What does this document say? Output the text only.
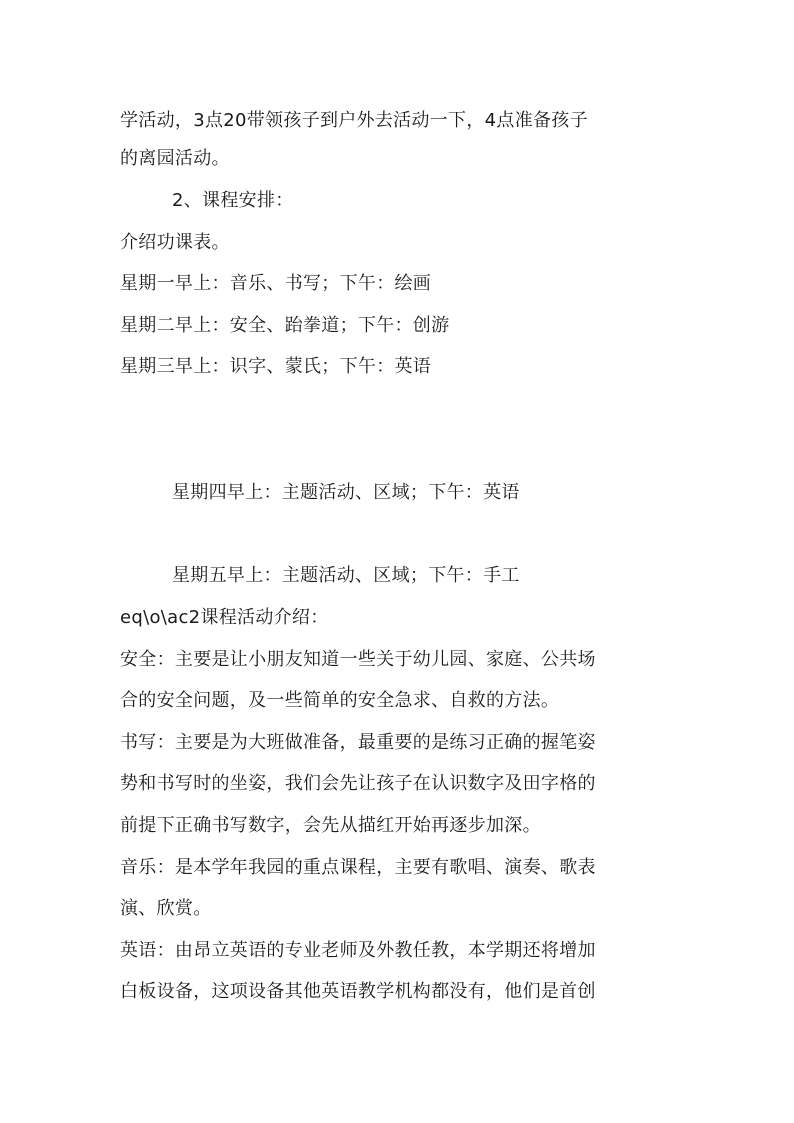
学活动，3点20带领孩子到户外去活动一下，4点准备孩子
的离园活动。
2、课程安排：
介绍功课表。
星期一早上：音乐、书写；下午：绘画
星期二早上：安全、跆拳道；下午：创游
星期三早上：识字、蒙氏；下午：英语
星期四早上：主题活动、区域；下午：英语
星期五早上：主题活动、区域；下午：手工
eq\o\ac2课程活动介绍：
安全：主要是让小朋友知道一些关于幼儿园、家庭、公共场
合的安全问题，及一些简单的安全急求、自救的方法。
书写：主要是为大班做准备，最重要的是练习正确的握笔姿
势和书写时的坐姿，我们会先让孩子在认识数字及田字格的
前提下正确书写数字，会先从描红开始再逐步加深。
音乐：是本学年我园的重点课程，主要有歌唱、演奏、歌表
演、欣赏。
英语：由昂立英语的专业老师及外教任教，本学期还将增加
白板设备，这项设备其他英语教学机构都没有，他们是首创
